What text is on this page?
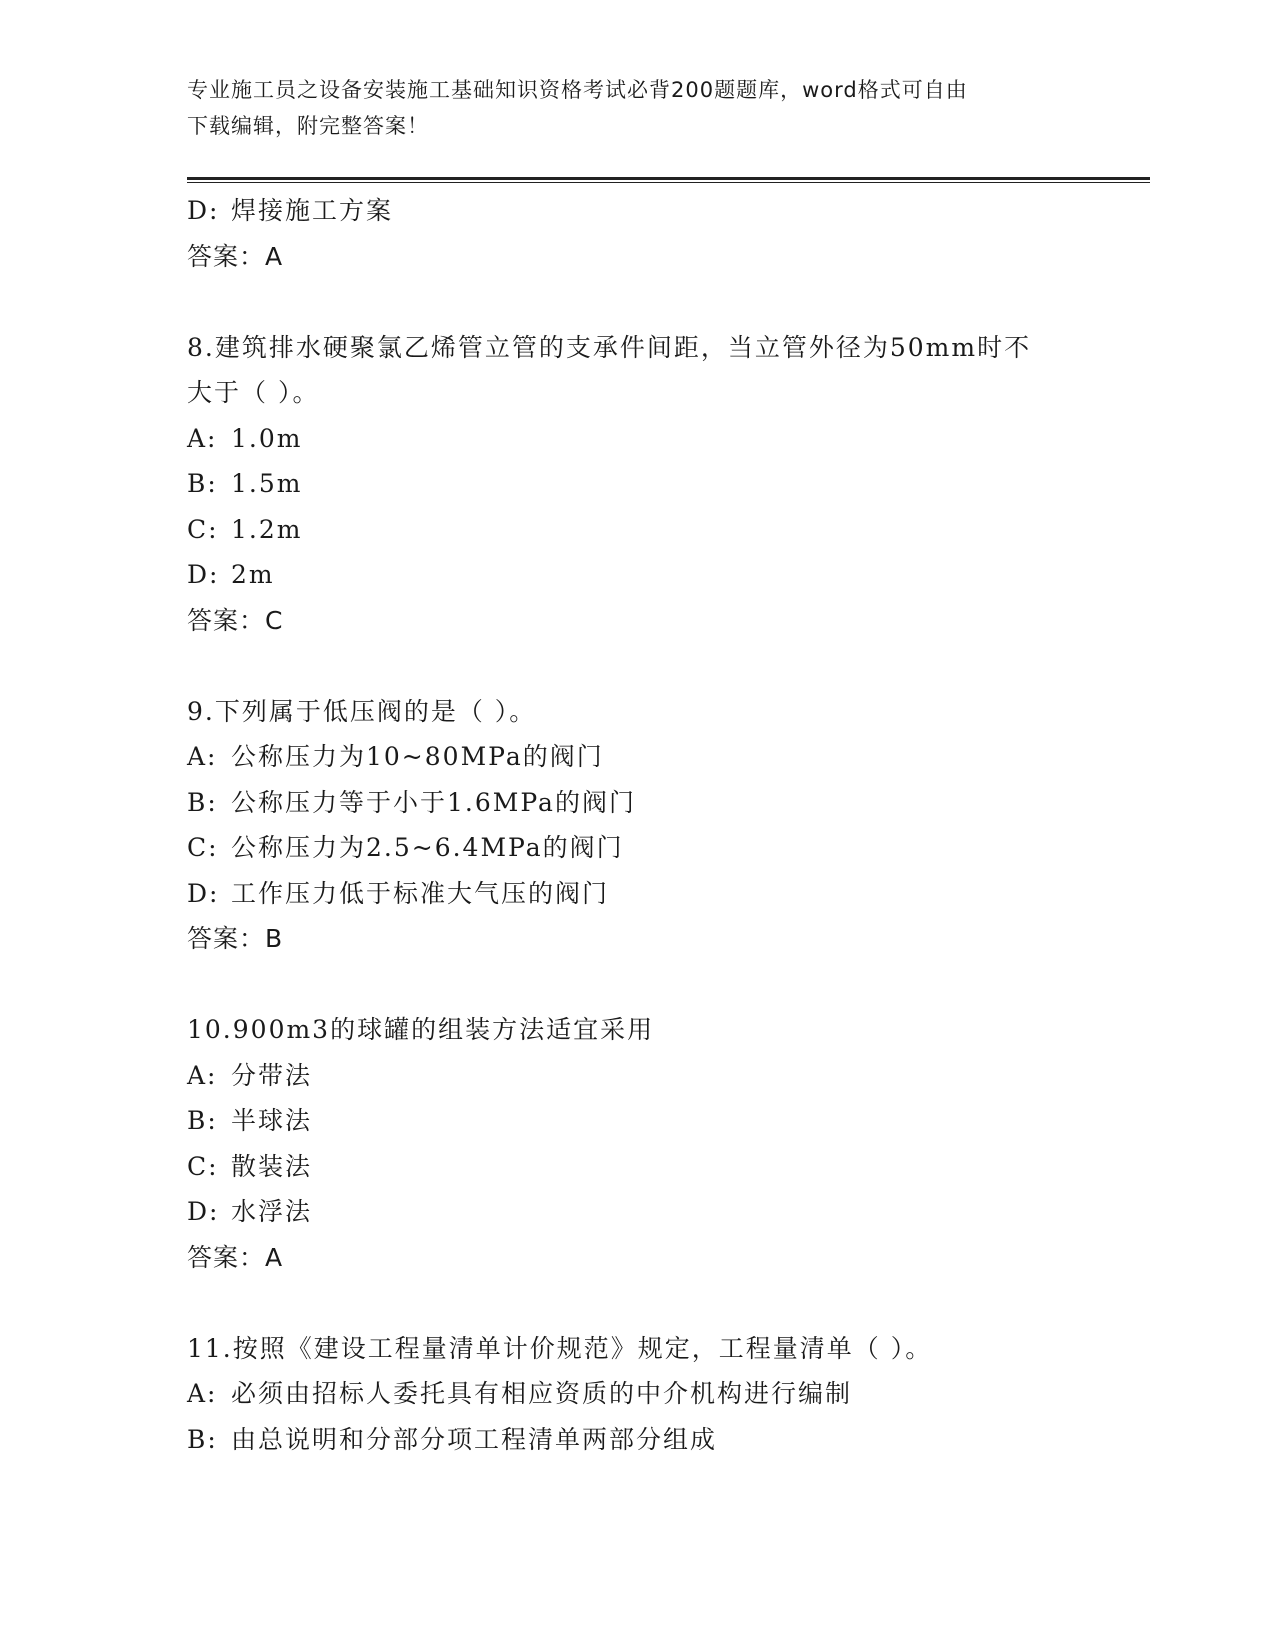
专业施工员之设备安装施工基础知识资格考试必背200题题库，word格式可自由
下载编辑，附完整答案！
D: 焊接施工方案
答案：A
8.建筑排水硬聚氯乙烯管立管的支承件间距，当立管外径为50mm时不
大于（ ）。
A: 1.0m
B: 1.5m
C: 1.2m
D: 2m
答案：C
9.下列属于低压阀的是（ ）。
A: 公称压力为10~80MPa的阀门
B: 公称压力等于小于1.6MPa的阀门
C: 公称压力为2.5~6.4MPa的阀门
D: 工作压力低于标准大气压的阀门
答案：B
10.900m3的球罐的组装方法适宜采用
A: 分带法
B: 半球法
C: 散装法
D: 水浮法
答案：A
11.按照《建设工程量清单计价规范》规定，工程量清单（ ）。
A: 必须由招标人委托具有相应资质的中介机构进行编制
B: 由总说明和分部分项工程清单两部分组成
